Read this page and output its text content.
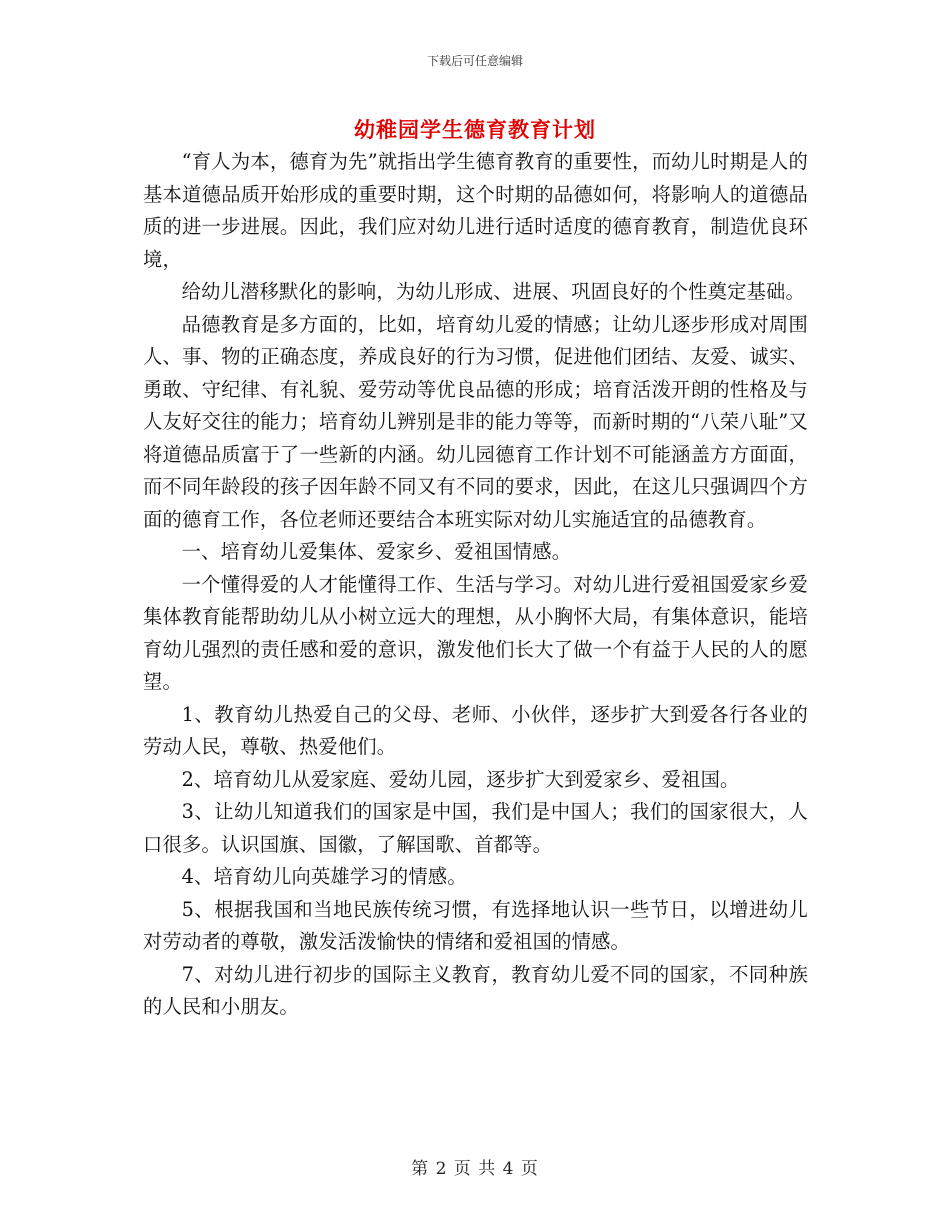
下载后可任意编辑
幼稚园学生德育教育计划

“育人为本，德育为先”就指出学生德育教育的重要性，而幼儿时期是人的基本道德品质开始形成的重要时期，这个时期的品德如何，将影响人的道德品质的进一步进展。因此，我们应对幼儿进行适时适度的德育教育，制造优良环境，

给幼儿潜移默化的影响，为幼儿形成、进展、巩固良好的个性奠定基础。

品德教育是多方面的，比如，培育幼儿爱的情感；让幼儿逐步形成对周围人、事、物的正确态度，养成良好的行为习惯，促进他们团结、友爱、诚实、勇敢、守纪律、有礼貌、爱劳动等优良品德的形成；培育活泼开朗的性格及与人友好交往的能力；培育幼儿辨别是非的能力等等，而新时期的“八荣八耻”又将道德品质富于了一些新的内涵。幼儿园德育工作计划不可能涵盖方方面面，而不同年龄段的孩子因年龄不同又有不同的要求，因此，在这儿只强调四个方面的德育工作，各位老师还要结合本班实际对幼儿实施适宜的品德教育。

一、培育幼儿爱集体、爱家乡、爱祖国情感。

一个懂得爱的人才能懂得工作、生活与学习。对幼儿进行爱祖国爱家乡爱集体教育能帮助幼儿从小树立远大的理想，从小胸怀大局，有集体意识，能培育幼儿强烈的责任感和爱的意识，激发他们长大了做一个有益于人民的人的愿望。

1、教育幼儿热爱自己的父母、老师、小伙伴，逐步扩大到爱各行各业的劳动人民，尊敬、热爱他们。

2、培育幼儿从爱家庭、爱幼儿园，逐步扩大到爱家乡、爱祖国。

3、让幼儿知道我们的国家是中国，我们是中国人；我们的国家很大，人口很多。认识国旗、国徽，了解国歌、首都等。

4、培育幼儿向英雄学习的情感。

5、根据我国和当地民族传统习惯，有选择地认识一些节日，以增进幼儿对劳动者的尊敬，激发活泼愉快的情绪和爱祖国的情感。

7、对幼儿进行初步的国际主义教育，教育幼儿爱不同的国家，不同种族的人民和小朋友。

第 2 页 共 4 页
